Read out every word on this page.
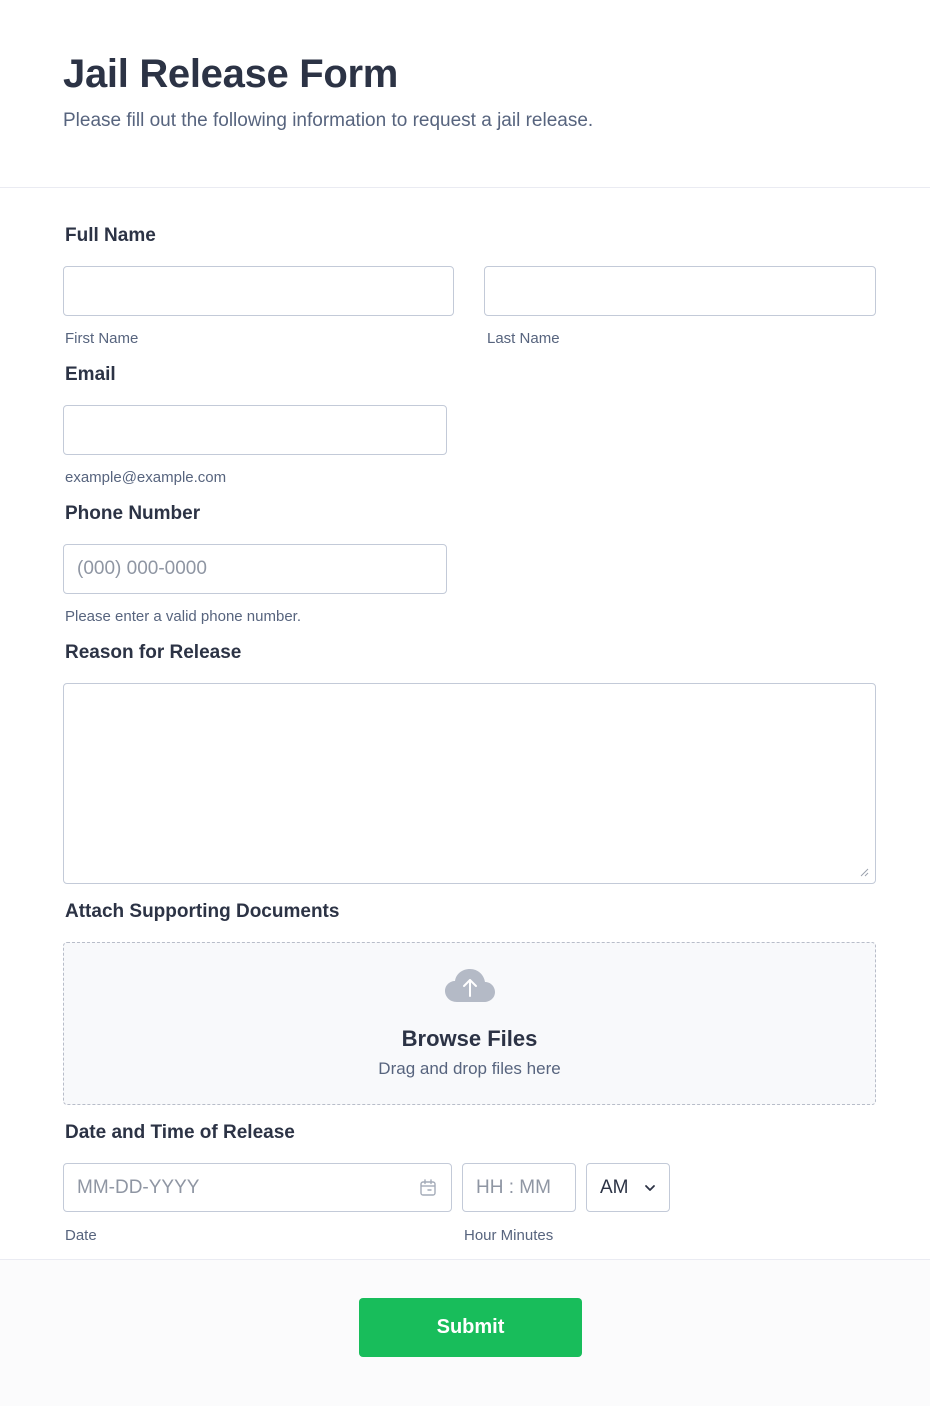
Jail Release Form

Please fill out the following information to request a jail release.

Full Name
First Name	Last Name
Email
example@example.com
Phone Number
(000) 000-0000
Please enter a valid phone number.
Reason for Release
Attach Supporting Documents
Browse Files
Drag and drop files here
Date and Time of Release
MM-DD-YYYY	HH : MM	AM
Date	Hour Minutes
Submit
